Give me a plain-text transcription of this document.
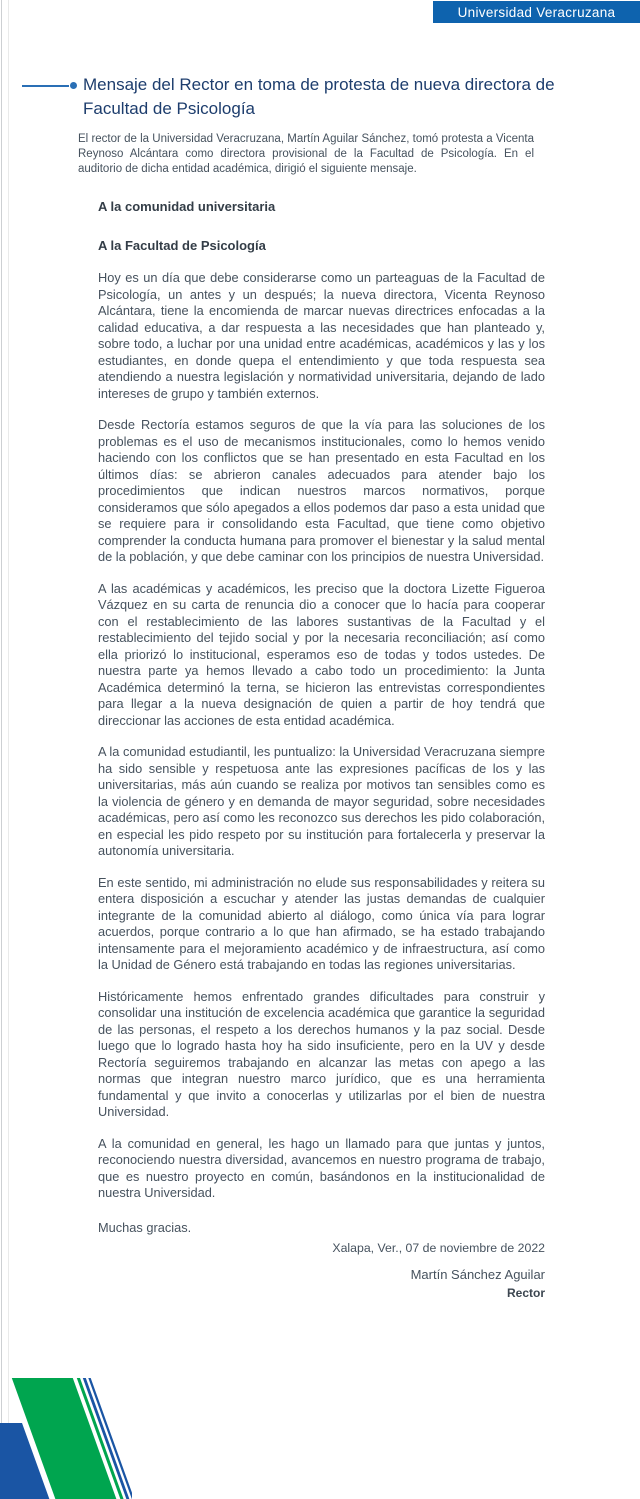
Universidad Veracruzana
Mensaje del Rector en toma de protesta de nueva directora de Facultad de Psicología

El rector de la Universidad Veracruzana, Martín Aguilar Sánchez, tomó protesta a Vicenta Reynoso Alcántara como directora provisional de la Facultad de Psicología. En el auditorio de dicha entidad académica, dirigió el siguiente mensaje.

A la comunidad universitaria

A la Facultad de Psicología

Hoy es un día que debe considerarse como un parteaguas de la Facultad de Psicología, un antes y un después; la nueva directora, Vicenta Reynoso Alcántara, tiene la encomienda de marcar nuevas directrices enfocadas a la calidad educativa, a dar respuesta a las necesidades que han planteado y, sobre todo, a luchar por una unidad entre académicas, académicos y las y los estudiantes, en donde quepa el entendimiento y que toda respuesta sea atendiendo a nuestra legislación y normatividad universitaria, dejando de lado intereses de grupo y también externos.

Desde Rectoría estamos seguros de que la vía para las soluciones de los problemas es el uso de mecanismos institucionales, como lo hemos venido haciendo con los conflictos que se han presentado en esta Facultad en los últimos días: se abrieron canales adecuados para atender bajo los procedimientos que indican nuestros marcos normativos, porque consideramos que sólo apegados a ellos podemos dar paso a esta unidad que se requiere para ir consolidando esta Facultad, que tiene como objetivo comprender la conducta humana para promover el bienestar y la salud mental de la población, y que debe caminar con los principios de nuestra Universidad.

A las académicas y académicos, les preciso que la doctora Lizette Figueroa Vázquez en su carta de renuncia dio a conocer que lo hacía para cooperar con el restablecimiento de las labores sustantivas de la Facultad y el restablecimiento del tejido social y por la necesaria reconciliación; así como ella priorizó lo institucional, esperamos eso de todas y todos ustedes. De nuestra parte ya hemos llevado a cabo todo un procedimiento: la Junta Académica determinó la terna, se hicieron las entrevistas correspondientes para llegar a la nueva designación de quien a partir de hoy tendrá que direccionar las acciones de esta entidad académica.

A la comunidad estudiantil, les puntualizo: la Universidad Veracruzana siempre ha sido sensible y respetuosa ante las expresiones pacíficas de los y las universitarias, más aún cuando se realiza por motivos tan sensibles como es la violencia de género y en demanda de mayor seguridad, sobre necesidades académicas, pero así como les reconozco sus derechos les pido colaboración, en especial les pido respeto por su institución para fortalecerla y preservar la autonomía universitaria.

En este sentido, mi administración no elude sus responsabilidades y reitera su entera disposición a escuchar y atender las justas demandas de cualquier integrante de la comunidad abierto al diálogo, como única vía para lograr acuerdos, porque contrario a lo que han afirmado, se ha estado trabajando intensamente para el mejoramiento académico y de infraestructura, así como la Unidad de Género está trabajando en todas las regiones universitarias.

Históricamente hemos enfrentado grandes dificultades para construir y consolidar una institución de excelencia académica que garantice la seguridad de las personas, el respeto a los derechos humanos y la paz social. Desde luego que lo logrado hasta hoy ha sido insuficiente, pero en la UV y desde Rectoría seguiremos trabajando en alcanzar las metas con apego a las normas que integran nuestro marco jurídico, que es una herramienta fundamental y que invito a conocerlas y utilizarlas por el bien de nuestra Universidad.

A la comunidad en general, les hago un llamado para que juntas y juntos, reconociendo nuestra diversidad, avancemos en nuestro programa de trabajo, que es nuestro proyecto en común, basándonos en la institucionalidad de nuestra Universidad.

Muchas gracias.

Xalapa, Ver., 07 de noviembre de 2022

Martín Sánchez Aguilar

Rector
